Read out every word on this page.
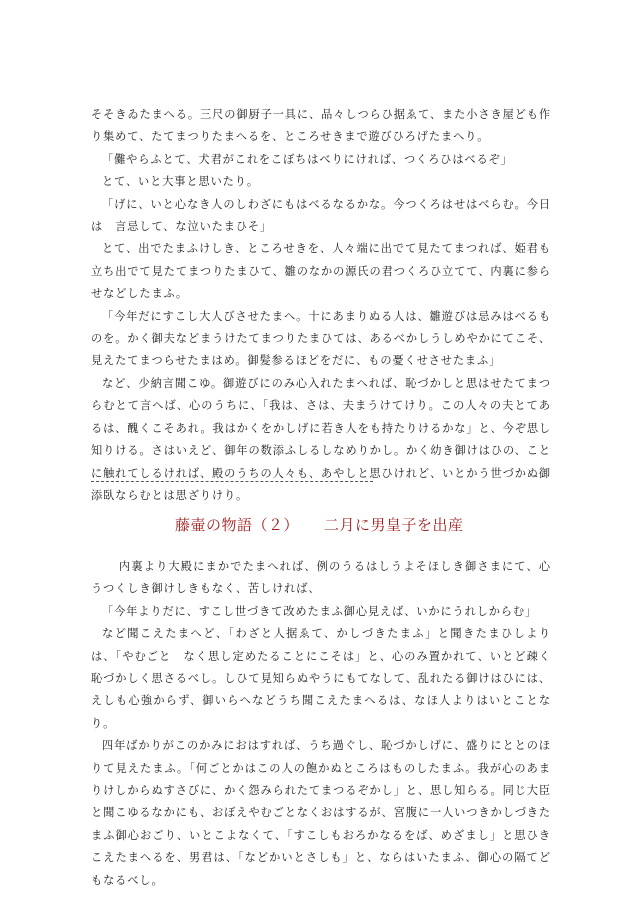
そそきゐたまへる。三尺の御厨子一具に、品々しつらひ据ゑて、また小さき屋ども作り集めて、たてまつりたまへるを、ところせきまで遊びひろげたまへり。

「儺やらふとて、犬君がこれをこぼちはべりにければ、つくろひはべるぞ」

とて、いと大事と思いたり。

「げに、いと心なき人のしわざにもはべるなるかな。今つくろはせはべらむ。今日は　言忌して、な泣いたまひそ」

とて、出でたまふけしき、ところせきを、人々端に出でて見たてまつれば、姫君も立ち出でて見たてまつりたまひて、雛のなかの源氏の君つくろひ立てて、内裏に参らせなどしたまふ。

「今年だにすこし大人びさせたまへ。十にあまりぬる人は、雛遊びは忌みはべるものを。かく御夫などまうけたてまつりたまひては、あるべかしうしめやかにてこそ、見えたてまつらせたまはめ。御髪参るほどをだに、もの憂くせさせたまふ」

など、少納言聞こゆ。御遊びにのみ心入れたまへれば、恥づかしと思はせたてまつらむとて言へば、心のうちに、「我は、さは、夫まうけてけり。この人々の夫とてあるは、醜くこそあれ。我はかくをかしげに若き人をも持たりけるかな」と、今ぞ思し知りける。さはいえど、御年の数添ふしるしなめりかし。かく幼き御けはひの、ことに触れてしるければ、殿のうちの人々も、あやしと思ひけれど、いとかう世づかぬ御添臥ならむとは思ざりけり。

藤壷の物語（２） 二月に男皇子を出産

内裏より大殿にまかでたまへれば、例のうるはしうよそほしき御さまにて、心うつくしき御けしきもなく、苦しければ、

「今年よりだに、すこし世づきて改めたまふ御心見えば、いかにうれしからむ」

など聞こえたまへど、「わざと人据ゑて、かしづきたまふ」と聞きたまひしよりは、「やむごと　なく思し定めたることにこそは」と、心のみ置かれて、いとど疎く恥づかしく思さるべし。しひて見知らぬやうにもてなして、乱れたる御けはひには、えしも心強からず、御いらへなどうち聞こえたまへるは、なほ人よりはいとことなり。

四年ばかりがこのかみにおはすれば、うち過ぐし、恥づかしげに、盛りにととのほりて見えたまふ。「何ごとかはこの人の飽かぬところはものしたまふ。我が心のあまりけしからぬすさびに、かく怨みられたてまつるぞかし」と、思し知らる。同じ大臣と聞こゆるなかにも、おぼえやむごとなくおはするが、宮腹に一人いつきかしづきたまふ御心おごり、いとこよなくて、「すこしもおろかなるをば、めざまし」と思ひきこえたまへるを、男君は、「などかいとさしも」と、ならはいたまふ、御心の隔てどもなるべし。
